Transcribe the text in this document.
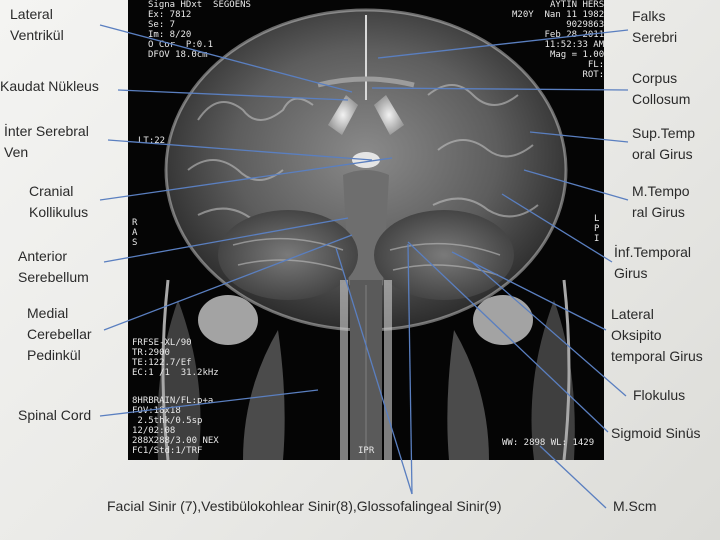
Signa HDxt  SEGOENS
Ex: 7812
Se: 7
Im: 8/20
O Cor  P:0.1
DFOV 18.0cm
AYTIN HERS
M20Y  Nan 11 1982
9029863
Feb 28 2011
11:52:33 AM
Mag = 1.00
FL:
ROT:
LT:22
R
A
S
L
P
I
FRFSE-XL/90
TR:2900
TE:122.7/Ef
EC:1 /1  31.2kHz
8HRBRAIN/FL:p+a
FOV:18x18
2.5thk/0.5sp
12/02:08
288X288/3.00 NEX
FC1/Std:1/TRF	IPR
WW: 2898 WL: 1429
Lateral
Ventrikül
Kaudat Nükleus
İnter Serebral
Ven
Cranial
Kollikulus
Anterior
Serebellum
Medial
Cerebellar
Pedinkül
Spinal Cord
Falks
Serebri
Corpus
Collosum
Sup.Temp
oral Girus
M.Tempo
ral Girus
İnf.Temporal
Girus
Lateral
Oksipito
temporal Girus
Flokulus
Sigmoid Sinüs
Facial Sinir (7),Vestibülokohlear Sinir(8),Glossofalingeal Sinir(9)	M.Scm
